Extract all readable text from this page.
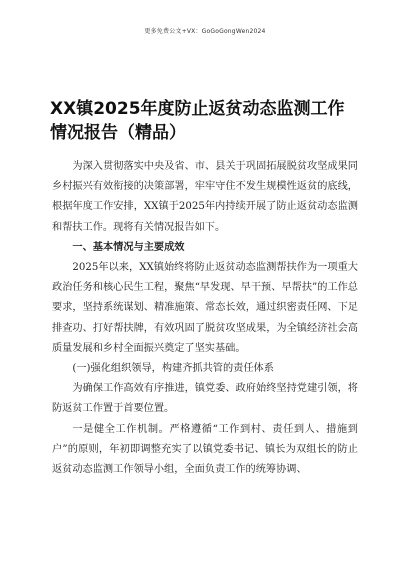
更多免费公文+VX：GoGoGongWen2024
XX镇2025年度防止返贫动态监测工作情况报告（精品）

为深入贯彻落实中央及省、市、县关于巩固拓展脱贫攻坚成果同乡村振兴有效衔接的决策部署，牢牢守住不发生规模性返贫的底线，根据年度工作安排，XX镇于2025年内持续开展了防止返贫动态监测和帮扶工作。现将有关情况报告如下。

一、基本情况与主要成效

2025年以来，XX镇始终将防止返贫动态监测帮扶作为一项重大政治任务和核心民生工程，聚焦“早发现、早干预、早帮扶”的工作总要求，坚持系统谋划、精准施策、常态长效，通过织密责任网、下足排查功、打好帮扶牌，有效巩固了脱贫攻坚成果，为全镇经济社会高质量发展和乡村全面振兴奠定了坚实基础。

(一)强化组织领导，构建齐抓共管的责任体系

为确保工作高效有序推进，镇党委、政府始终坚持党建引领，将防返贫工作置于首要位置。

一是健全工作机制。严格遵循“工作到村、责任到人、措施到户”的原则，年初即调整充实了以镇党委书记、镇长为双组长的防止返贫动态监测工作领导小组，全面负责工作的统筹协调、
